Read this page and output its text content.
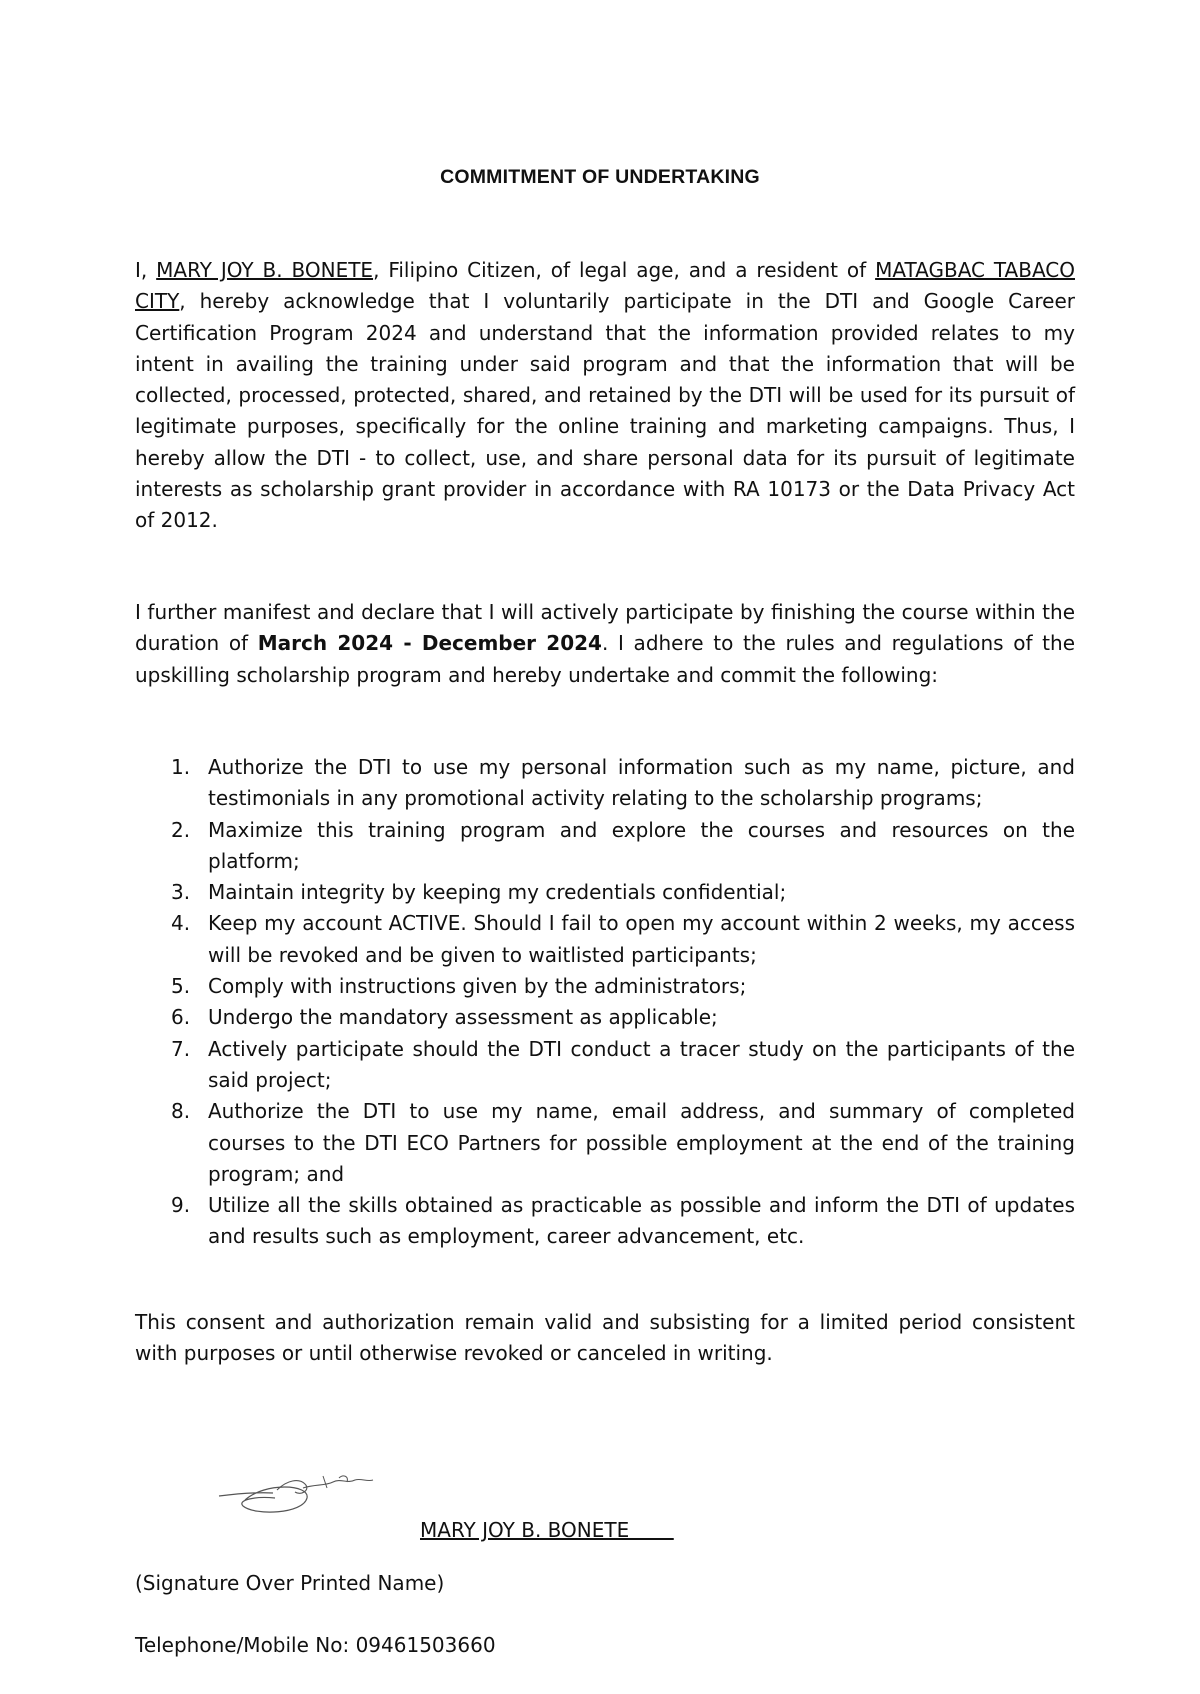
COMMITMENT OF UNDERTAKING

I, MARY JOY B. BONETE, Filipino Citizen, of legal age, and a resident of MATAGBAC TABACO CITY, hereby acknowledge that I voluntarily participate in the DTI and Google Career Certification Program 2024 and understand that the information provided relates to my intent in availing the training under said program and that the information that will be collected, processed, protected, shared, and retained by the DTI will be used for its pursuit of legitimate purposes, specifically for the online training and marketing campaigns. Thus, I hereby allow the DTI - to collect, use, and share personal data for its pursuit of legitimate interests as scholarship grant provider in accordance with RA 10173 or the Data Privacy Act of 2012.

I further manifest and declare that I will actively participate by finishing the course within the duration of March 2024 - December 2024. I adhere to the rules and regulations of the upskilling scholarship program and hereby undertake and commit the following:

1. Authorize the DTI to use my personal information such as my name, picture, and testimonials in any promotional activity relating to the scholarship programs;
2. Maximize this training program and explore the courses and resources on the platform;
3. Maintain integrity by keeping my credentials confidential;
4. Keep my account ACTIVE. Should I fail to open my account within 2 weeks, my access will be revoked and be given to waitlisted participants;
5. Comply with instructions given by the administrators;
6. Undergo the mandatory assessment as applicable;
7. Actively participate should the DTI conduct a tracer study on the participants of the said project;
8. Authorize the DTI to use my name, email address, and summary of completed courses to the DTI ECO Partners for possible employment at the end of the training program; and
9. Utilize all the skills obtained as practicable as possible and inform the DTI of updates and results such as employment, career advancement, etc.

This consent and authorization remain valid and subsisting for a limited period consistent with purposes or until otherwise revoked or canceled in writing.

MARY JOY B. BONETE
(Signature Over Printed Name)
Telephone/Mobile No: 09461503660
